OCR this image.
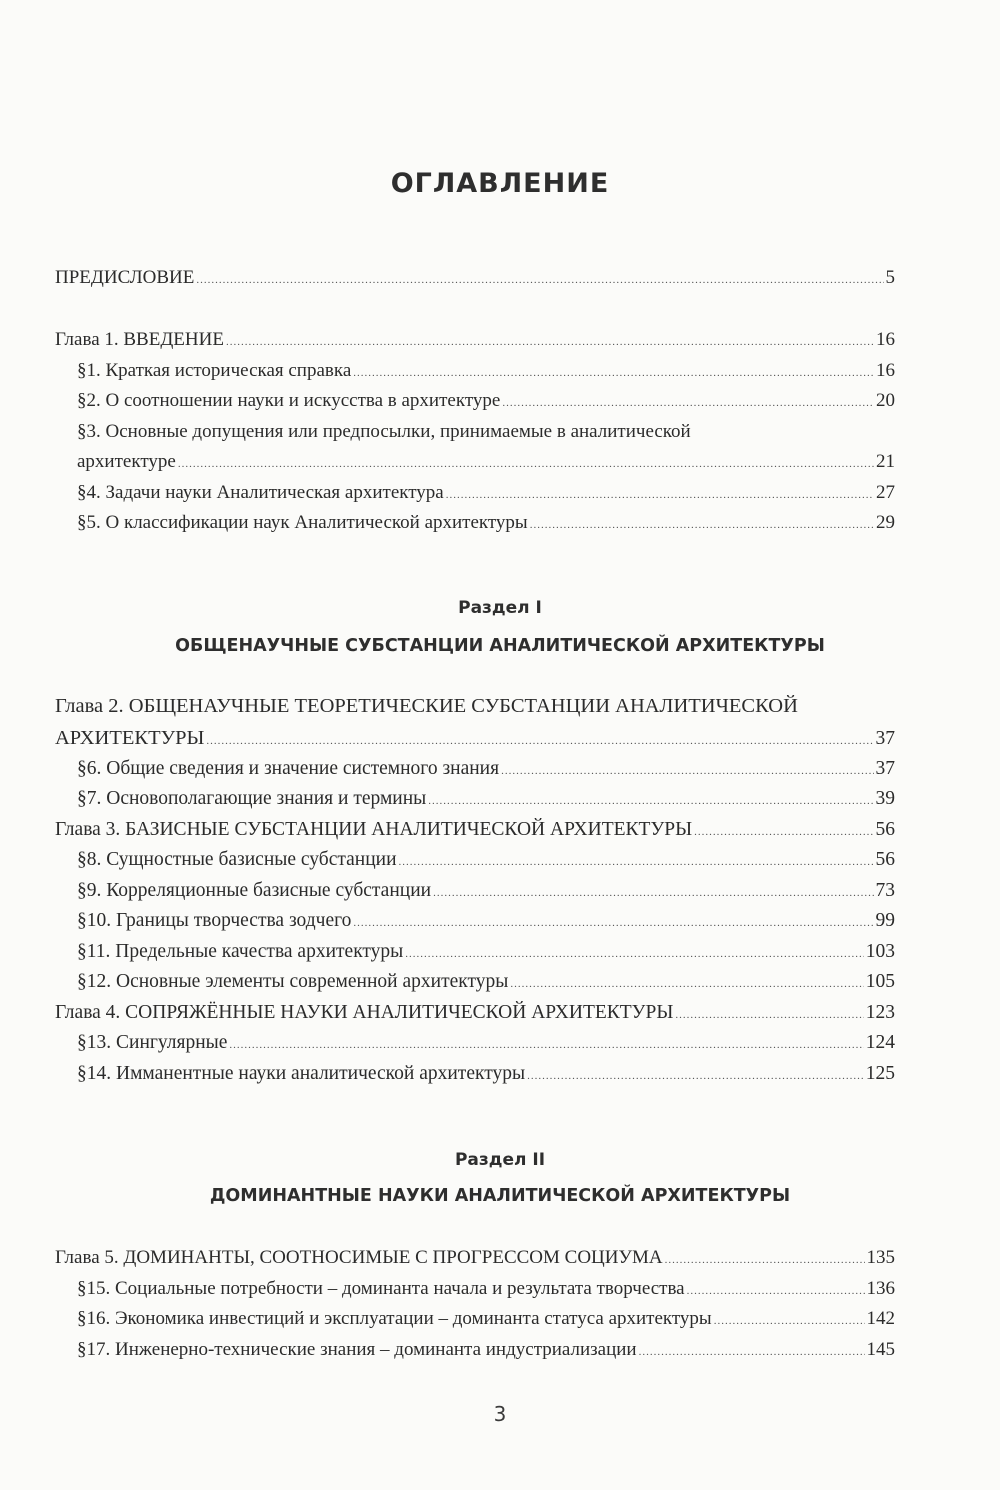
ОГЛАВЛЕНИЕ
ПРЕДИСЛОВИЕ .....	5
Глава 1. ВВЕДЕНИЕ .....	16
§1. Краткая историческая справка .....	16
§2. О соотношении науки и искусства в архитектуре .....	20
§3. Основные допущения или предпосылки, принимаемые в аналитической
архитектуре .....	21
§4. Задачи науки Аналитическая архитектура .....	27
§5. О классификации наук Аналитической архитектуры .....	29
Раздел I
ОБЩЕНАУЧНЫЕ СУБСТАНЦИИ АНАЛИТИЧЕСКОЙ АРХИТЕКТУРЫ
Глава 2. ОБЩЕНАУЧНЫЕ ТЕОРЕТИЧЕСКИЕ СУБСТАНЦИИ АНАЛИТИЧЕСКОЙ
АРХИТЕКТУРЫ .....	37
§6. Общие сведения и значение системного знания .....	37
§7. Основополагающие знания и термины .....	39
Глава 3. БАЗИСНЫЕ СУБСТАНЦИИ АНАЛИТИЧЕСКОЙ АРХИТЕКТУРЫ .....	56
§8. Сущностные базисные субстанции .....	56
§9. Корреляционные базисные субстанции .....	73
§10. Границы творчества зодчего .....	99
§11. Предельные качества архитектуры .....	103
§12. Основные элементы современной архитектуры .....	105
Глава 4. СОПРЯЖЁННЫЕ НАУКИ АНАЛИТИЧЕСКОЙ АРХИТЕКТУРЫ .....	123
§13. Сингулярные .....	124
§14. Имманентные науки аналитической архитектуры .....	125
Раздел II
ДОМИНАНТНЫЕ НАУКИ АНАЛИТИЧЕСКОЙ АРХИТЕКТУРЫ
Глава 5. ДОМИНАНТЫ, СООТНОСИМЫЕ С ПРОГРЕССОМ СОЦИУМА .....	135
§15. Социальные потребности – доминанта начала и результата творчества .....	136
§16. Экономика инвестиций и эксплуатации – доминанта статуса архитектуры .....	142
§17. Инженерно-технические знания – доминанта индустриализации .....	145
3
